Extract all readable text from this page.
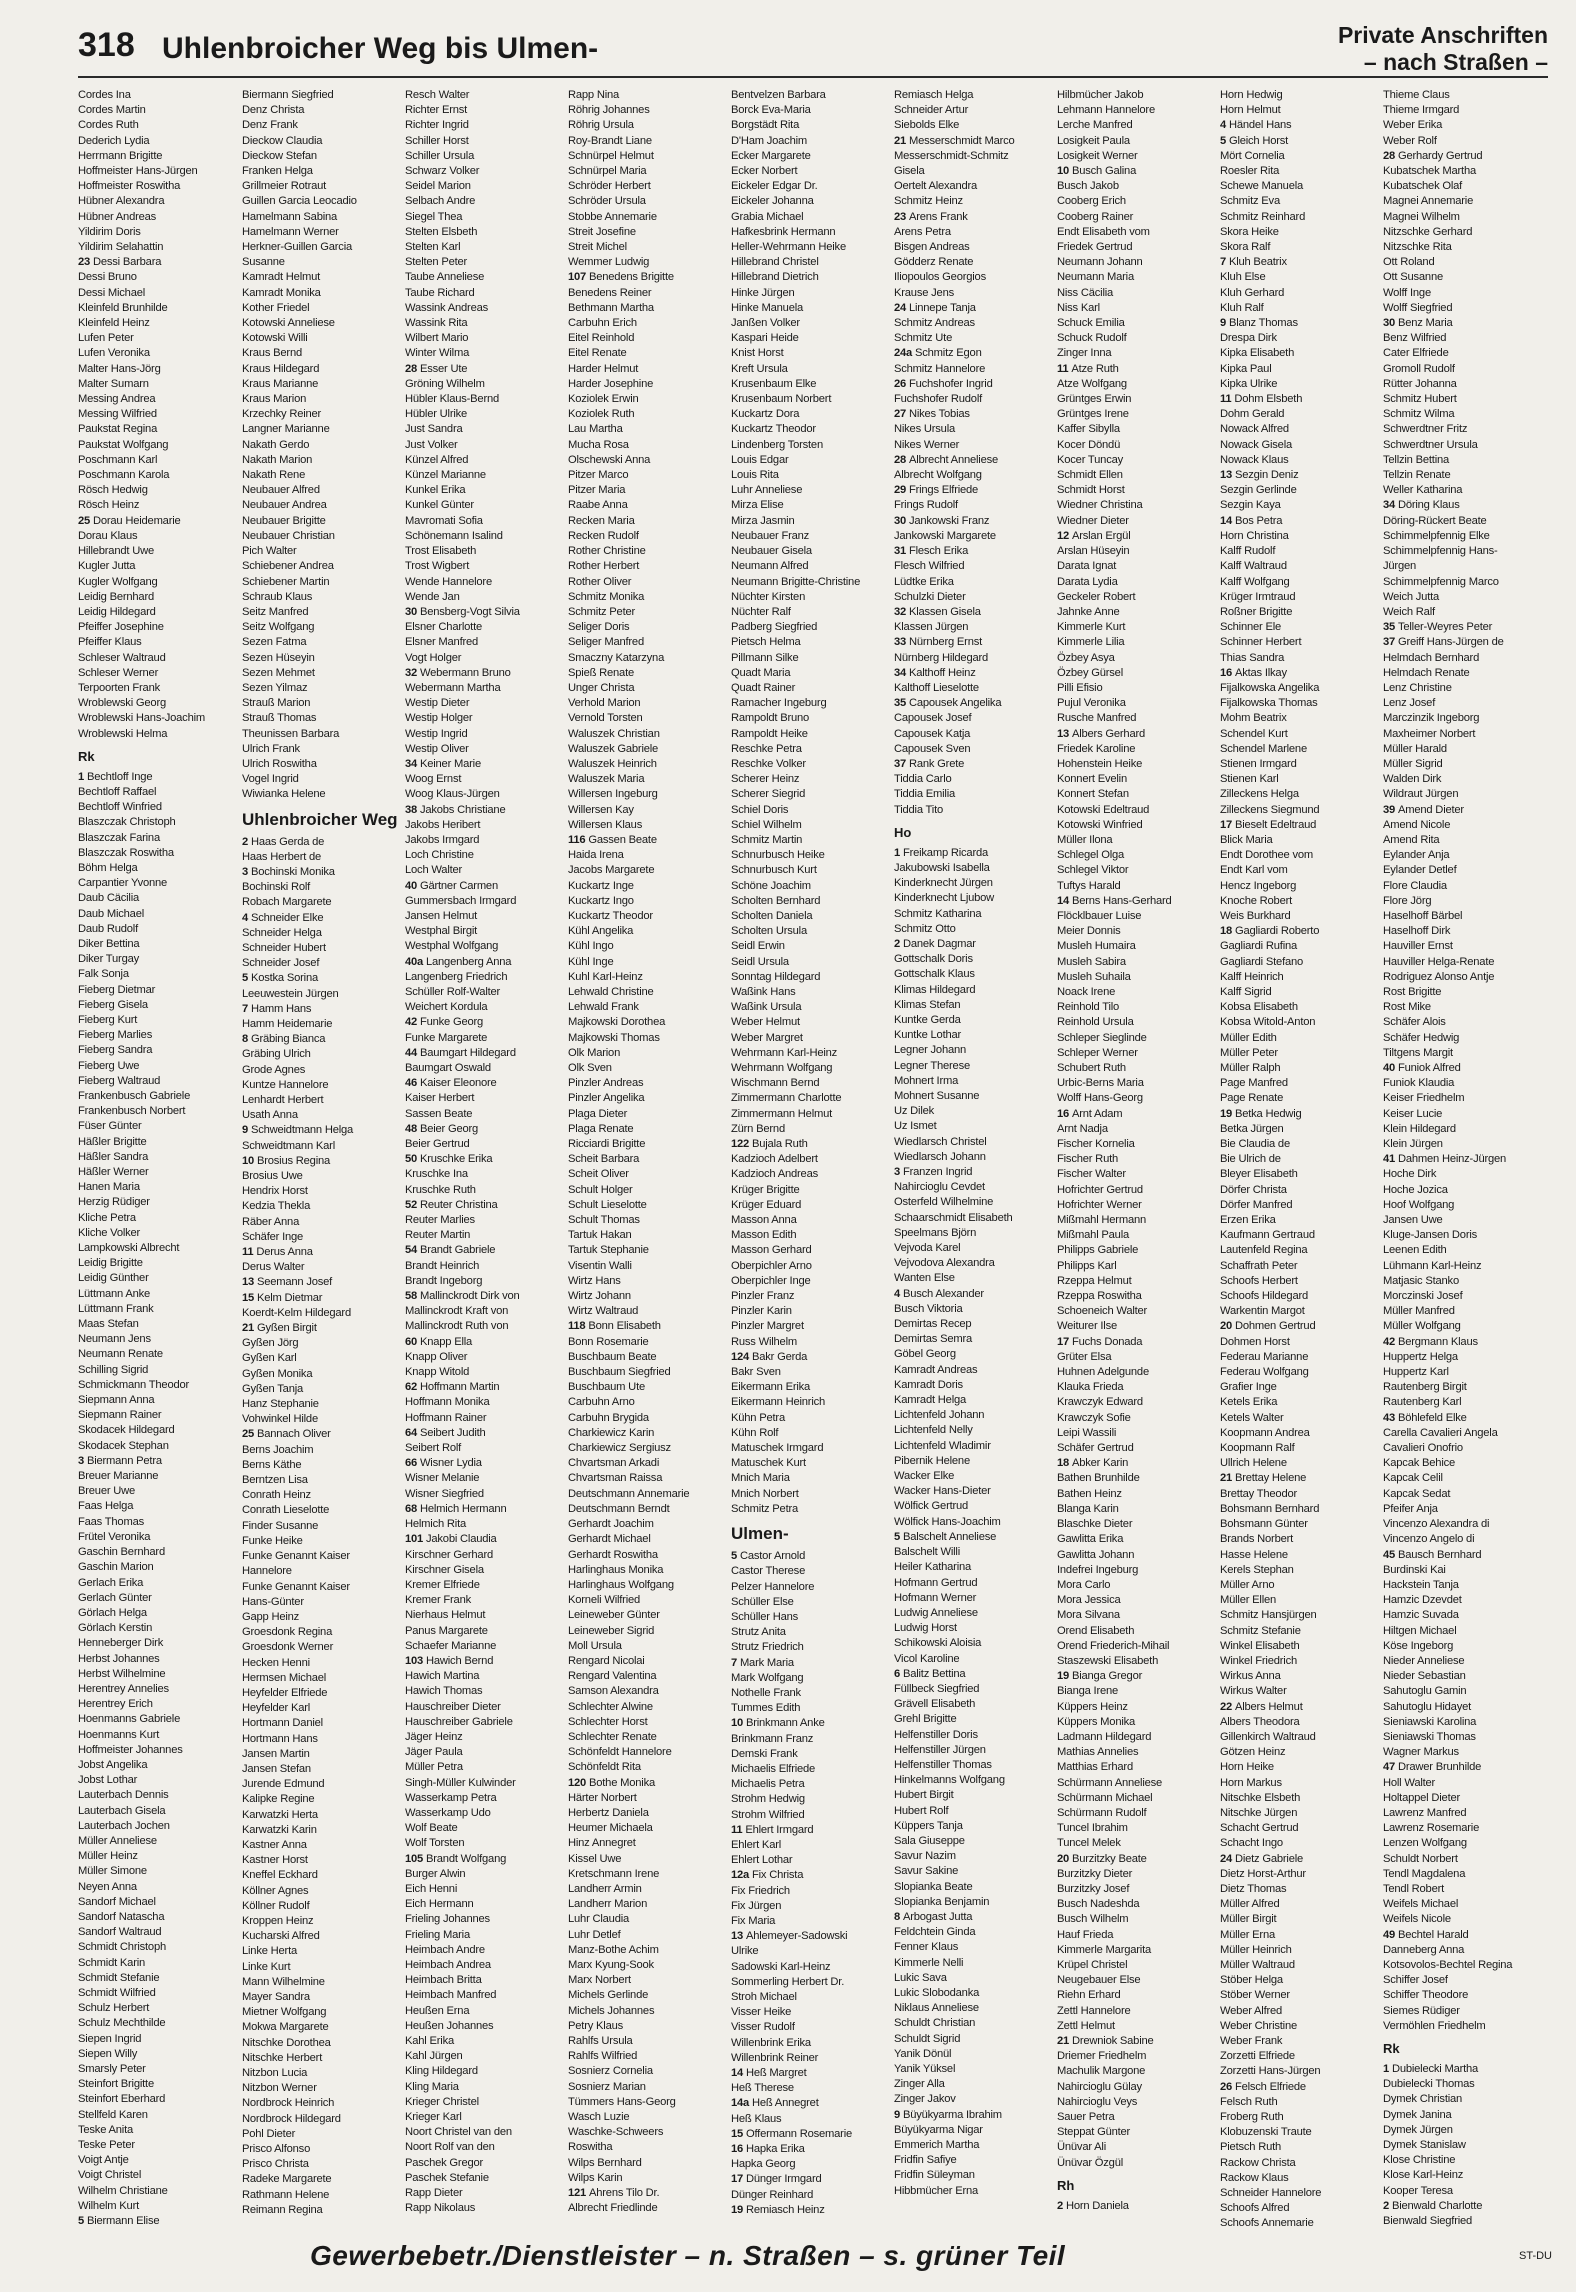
318 Uhlenbroicher Weg bis Ulmen-	Private Anschriften
– nach Straßen –
Cordes Ina
Cordes Martin
Cordes Ruth
Dederich Lydia
Herrmann Brigitte
Hoffmeister Hans-Jürgen
Hoffmeister Roswitha
Hübner Alexandra
Hübner Andreas
Yildirim Doris
Yildirim Selahattin
23 Dessi Barbara
Dessi Bruno
Dessi Michael
Kleinfeld Brunhilde
Kleinfeld Heinz
Lufen Peter
Lufen Veronika
Malter Hans-Jörg
Malter Sumarn
Messing Andrea
Messing Wilfried
Paukstat Regina
Paukstat Wolfgang
Poschmann Karl
Poschmann Karola
Rösch Hedwig
Rösch Heinz
25 Dorau Heidemarie
Dorau Klaus
Hillebrandt Uwe
Kugler Jutta
Kugler Wolfgang
Leidig Bernhard
Leidig Hildegard
Pfeiffer Josephine
Pfeiffer Klaus
Schleser Waltraud
Schleser Werner
Terpoorten Frank
Wroblewski Georg
Wroblewski Hans-Joachim
Wroblewski Helma
Rk
1 Bechtloff Inge
Bechtloff Raffael
Bechtloff Winfried
Blaszczak Christoph
Blaszczak Farina
Blaszczak Roswitha
Böhm Helga
Carpantier Yvonne
Daub Cäcilia
Daub Michael
Daub Rudolf
Diker Bettina
Diker Turgay
Falk Sonja
Fieberg Dietmar
Fieberg Gisela
Fieberg Kurt
Fieberg Marlies
Fieberg Sandra
Fieberg Uwe
Fieberg Waltraud
Frankenbusch Gabriele
Frankenbusch Norbert
Füser Günter
Häßler Brigitte
Häßler Sandra
Häßler Werner
Hanen Maria
Herzig Rüdiger
Kliche Petra
Kliche Volker
Lampkowski Albrecht
Leidig Brigitte
Leidig Günther
Lüttmann Anke
Lüttmann Frank
Maas Stefan
Neumann Jens
Neumann Renate
Schilling Sigrid
Schmickmann Theodor
Siepmann Anna
Siepmann Rainer
Skodacek Hildegard
Skodacek Stephan
3 Biermann Petra
Breuer Marianne
Breuer Uwe
Faas Helga
Faas Thomas
Frütel Veronika
Gaschin Bernhard
Gaschin Marion
Gerlach Erika
Gerlach Günter
Görlach Helga
Görlach Kerstin
Henneberger Dirk
Herbst Johannes
Herbst Wilhelmine
Herentrey Annelies
Herentrey Erich
Hoenmanns Gabriele
Hoenmanns Kurt
Hoffmeister Johannes
Jobst Angelika
Jobst Lothar
Lauterbach Dennis
Lauterbach Gisela
Lauterbach Jochen
Müller Anneliese
Müller Heinz
Müller Simone
Neyen Anna
Sandorf Michael
Sandorf Natascha
Sandorf Waltraud
Schmidt Christoph
Schmidt Karin
Schmidt Stefanie
Schmidt Wilfried
Schulz Herbert
Schulz Mechthilde
Siepen Ingrid
Siepen Willy
Smarsly Peter
Steinfort Brigitte
Steinfort Eberhard
Stellfeld Karen
Teske Anita
Teske Peter
Voigt Antje
Voigt Christel
Wilhelm Christiane
Wilhelm Kurt
5 Biermann Elise
Biermann Siegfried
Denz Christa
Denz Frank
Dieckow Claudia
Dieckow Stefan
Franken Helga
Grillmeier Rotraut
Guillen Garcia Leocadio
Hamelmann Sabina
Hamelmann Werner
Herkner-Guillen Garcia
Susanne
Kamradt Helmut
Kamradt Monika
Kother Friedel
Kotowski Anneliese
Kotowski Willi
Kraus Bernd
Kraus Hildegard
Kraus Marianne
Kraus Marion
Krzechky Reiner
Langner Marianne
Nakath Gerdo
Nakath Marion
Nakath Rene
Neubauer Alfred
Neubauer Andrea
Neubauer Brigitte
Neubauer Christian
Pich Walter
Schiebener Andrea
Schiebener Martin
Schraub Klaus
Seitz Manfred
Seitz Wolfgang
Sezen Fatma
Sezen Hüseyin
Sezen Mehmet
Sezen Yilmaz
Strauß Marion
Strauß Thomas
Theunissen Barbara
Ulrich Frank
Ulrich Roswitha
Vogel Ingrid
Wiwianka Helene
Uhlenbroicher Weg
2 Haas Gerda de
Haas Herbert de
3 Bochinski Monika
Bochinski Rolf
Robach Margarete
4 Schneider Elke
Schneider Helga
Schneider Hubert
Schneider Josef
5 Kostka Sorina
Leeuwestein Jürgen
7 Hamm Hans
Hamm Heidemarie
8 Gräbing Bianca
Gräbing Ulrich
Grode Agnes
Kuntze Hannelore
Lenhardt Herbert
Usath Anna
9 Schweidtmann Helga
Schweidtmann Karl
10 Brosius Regina
Brosius Uwe
Hendrix Horst
Kedzia Thekla
Räber Anna
Schäfer Inge
11 Derus Anna
Derus Walter
13 Seemann Josef
15 Kelm Dietmar
Koerdt-Kelm Hildegard
21 Gyßen Birgit
Gyßen Jörg
Gyßen Karl
Gyßen Monika
Gyßen Tanja
Hanz Stephanie
Vohwinkel Hilde
25 Bannach Oliver
Berns Joachim
Berns Käthe
Berntzen Lisa
Conrath Heinz
Conrath Lieselotte
Finder Susanne
Funke Heike
Funke Genannt Kaiser
Hannelore
Funke Genannt Kaiser
Hans-Günter
Gapp Heinz
Groesdonk Regina
Groesdonk Werner
Hecken Henni
Hermsen Michael
Heyfelder Elfriede
Heyfelder Karl
Hortmann Daniel
Hortmann Hans
Jansen Martin
Jansen Stefan
Jurende Edmund
Kalipke Regine
Karwatzki Herta
Karwatzki Karin
Kastner Anna
Kastner Horst
Kneffel Eckhard
Köllner Agnes
Köllner Rudolf
Kroppen Heinz
Kucharski Alfred
Linke Herta
Linke Kurt
Mann Wilhelmine
Mayer Sandra
Mietner Wolfgang
Mokwa Margarete
Nitschke Dorothea
Nitschke Herbert
Nitzbon Lucia
Nitzbon Werner
Nordbrock Heinrich
Nordbrock Hildegard
Pohl Dieter
Prisco Alfonso
Prisco Christa
Radeke Margarete
Rathmann Helene
Reimann Regina
Resch Walter
Richter Ernst
Richter Ingrid
Schiller Horst
Schiller Ursula
Schwarz Volker
Seidel Marion
Selbach Andre
Siegel Thea
Stelten Elsbeth
Stelten Karl
Stelten Peter
Taube Anneliese
Taube Richard
Wassink Andreas
Wassink Rita
Wilbert Mario
Winter Wilma
28 Esser Ute
Gröning Wilhelm
Hübler Klaus-Bernd
Hübler Ulrike
Just Sandra
Just Volker
Künzel Alfred
Künzel Marianne
Kunkel Erika
Kunkel Günter
Mavromati Sofia
Schönemann Isalind
Trost Elisabeth
Trost Wigbert
Wende Hannelore
Wende Jan
30 Bensberg-Vogt Silvia
Elsner Charlotte
Elsner Manfred
Vogt Holger
32 Webermann Bruno
Webermann Martha
Westip Dieter
Westip Holger
Westip Ingrid
Westip Oliver
34 Keiner Marie
Woog Ernst
Woog Klaus-Jürgen
38 Jakobs Christiane
Jakobs Heribert
Jakobs Irmgard
Loch Christine
Loch Walter
40 Gärtner Carmen
Gummersbach Irmgard
Jansen Helmut
Westphal Birgit
Westphal Wolfgang
40a Langenberg Anna
Langenberg Friedrich
Schüller Rolf-Walter
Weichert Kordula
42 Funke Georg
Funke Margarete
44 Baumgart Hildegard
Baumgart Oswald
46 Kaiser Eleonore
Kaiser Herbert
Sassen Beate
48 Beier Georg
Beier Gertrud
50 Kruschke Erika
Kruschke Ina
Kruschke Ruth
52 Reuter Christina
Reuter Marlies
Reuter Martin
54 Brandt Gabriele
Brandt Heinrich
Brandt Ingeborg
58 Mallinckrodt Dirk von
Mallinckrodt Kraft von
Mallinckrodt Ruth von
60 Knapp Ella
Knapp Oliver
Knapp Witold
62 Hoffmann Martin
Hoffmann Monika
Hoffmann Rainer
64 Seibert Judith
Seibert Rolf
66 Wisner Lydia
Wisner Melanie
Wisner Siegfried
68 Helmich Hermann
Helmich Rita
101 Jakobi Claudia
Kirschner Gerhard
Kirschner Gisela
Kremer Elfriede
Kremer Frank
Nierhaus Helmut
Panus Margarete
Schaefer Marianne
103 Hawich Bernd
Hawich Martina
Hawich Thomas
Hauschreiber Dieter
Hauschreiber Gabriele
Jäger Heinz
Jäger Paula
Müller Petra
Singh-Müller Kulwinder
Wasserkamp Petra
Wasserkamp Udo
Wolf Beate
Wolf Torsten
105 Brandt Wolfgang
Burger Alwin
Eich Henni
Eich Hermann
Frieling Johannes
Frieling Maria
Heimbach Andre
Heimbach Andrea
Heimbach Britta
Heimbach Manfred
Heußen Erna
Heußen Johannes
Kahl Erika
Kahl Jürgen
Kling Hildegard
Kling Maria
Krieger Christel
Krieger Karl
Noort Christel van den
Noort Rolf van den
Paschek Gregor
Paschek Stefanie
Rapp Dieter
Rapp Nikolaus
Rapp Nina
Röhrig Johannes
Röhrig Ursula
Roy-Brandt Liane
Schnürpel Helmut
Schnürpel Maria
Schröder Herbert
Schröder Ursula
Stobbe Annemarie
Streit Josefine
Streit Michel
Wemmer Ludwig
107 Benedens Brigitte
Benedens Reiner
Bethmann Martha
Carbuhn Erich
Eitel Reinhold
Eitel Renate
Harder Helmut
Harder Josephine
Koziolek Erwin
Koziolek Ruth
Lau Martha
Mucha Rosa
Olschewski Anna
Pitzer Marco
Pitzer Maria
Raabe Anna
Recken Maria
Recken Rudolf
Rother Christine
Rother Herbert
Rother Oliver
Schmitz Monika
Schmitz Peter
Seliger Doris
Seliger Manfred
Smaczny Katarzyna
Spieß Renate
Unger Christa
Verhold Marion
Vernold Torsten
Waluszek Christian
Waluszek Gabriele
Waluszek Heinrich
Waluszek Maria
Willersen Ingeburg
Willersen Kay
Willersen Klaus
116 Gassen Beate
Haida Irena
Jacobs Margarete
Kuckartz Inge
Kuckartz Ingo
Kuckartz Theodor
Kühl Angelika
Kühl Ingo
Kühl Inge
Kuhl Karl-Heinz
Lehwald Christine
Lehwald Frank
Majkowski Dorothea
Majkowski Thomas
Olk Marion
Olk Sven
Pinzler Andreas
Pinzler Angelika
Plaga Dieter
Plaga Renate
Ricciardi Brigitte
Scheit Barbara
Scheit Oliver
Schult Holger
Schult Lieselotte
Schult Thomas
Tartuk Hakan
Tartuk Stephanie
Visentin Walli
Wirtz Hans
Wirtz Johann
Wirtz Waltraud
118 Bonn Elisabeth
Bonn Rosemarie
Buschbaum Beate
Buschbaum Siegfried
Buschbaum Ute
Carbuhn Arno
Carbuhn Brygida
Charkiewicz Karin
Charkiewicz Sergiusz
Chvartsman Arkadi
Chvartsman Raissa
Deutschmann Annemarie
Deutschmann Berndt
Gerhardt Joachim
Gerhardt Michael
Gerhardt Roswitha
Harlinghaus Monika
Harlinghaus Wolfgang
Korneli Wilfried
Leineweber Günter
Leineweber Sigrid
Moll Ursula
Rengard Nicolai
Rengard Valentina
Samson Alexandra
Schlechter Alwine
Schlechter Horst
Schlechter Renate
Schönfeldt Hannelore
Schönfeldt Rita
120 Bothe Monika
Härter Norbert
Herbertz Daniela
Heumer Michaela
Hinz Annegret
Kissel Uwe
Kretschmann Irene
Landherr Armin
Landherr Marion
Luhr Claudia
Luhr Detlef
Manz-Bothe Achim
Marx Kyung-Sook
Marx Norbert
Michels Gerlinde
Michels Johannes
Petry Klaus
Rahlfs Ursula
Rahlfs Wilfried
Sosnierz Cornelia
Sosnierz Marian
Tümmers Hans-Georg
Wasch Luzie
Waschke-Schweers
Roswitha
Wilps Bernhard
Wilps Karin
121 Ahrens Tilo Dr.
Albrecht Friedlinde
Bentvelzen Barbara
Borck Eva-Maria
Borgstädt Rita
D'Ham Joachim
Ecker Margarete
Ecker Norbert
Eickeler Edgar Dr.
Eickeler Johanna
Grabia Michael
Hafkesbrink Hermann
Heller-Wehrmann Heike
Hillebrand Christel
Hillebrand Dietrich
Hinke Jürgen
Hinke Manuela
Janßen Volker
Kaspari Heide
Knist Horst
Kreft Ursula
Krusenbaum Elke
Krusenbaum Norbert
Kuckartz Dora
Kuckartz Theodor
Lindenberg Torsten
Louis Edgar
Louis Rita
Luhr Anneliese
Mirza Elise
Mirza Jasmin
Neubauer Franz
Neubauer Gisela
Neumann Alfred
Neumann Brigitte-Christine
Nüchter Kirsten
Nüchter Ralf
Padberg Siegfried
Pietsch Helma
Pillmann Silke
Quadt Maria
Quadt Rainer
Ramacher Ingeburg
Rampoldt Bruno
Rampoldt Heike
Reschke Petra
Reschke Volker
Scherer Heinz
Scherer Siegrid
Schiel Doris
Schiel Wilhelm
Schmitz Martin
Schnurbusch Heike
Schnurbusch Kurt
Schöne Joachim
Scholten Bernhard
Scholten Daniela
Scholten Ursula
Seidl Erwin
Seidl Ursula
Sonntag Hildegard
Waßink Hans
Waßink Ursula
Weber Helmut
Weber Margret
Wehrmann Karl-Heinz
Wehrmann Wolfgang
Wischmann Bernd
Zimmermann Charlotte
Zimmermann Helmut
Zürn Bernd
122 Bujala Ruth
Kadzioch Adelbert
Kadzioch Andreas
Krüger Brigitte
Krüger Eduard
Masson Anna
Masson Edith
Masson Gerhard
Oberpichler Arno
Oberpichler Inge
Pinzler Franz
Pinzler Karin
Pinzler Margret
Russ Wilhelm
124 Bakr Gerda
Bakr Sven
Eikermann Erika
Eikermann Heinrich
Kühn Petra
Kühn Rolf
Matuschek Irmgard
Matuschek Kurt
Mnich Maria
Mnich Norbert
Schmitz Petra
Ulmen-
5 Castor Arnold
Castor Therese
Pelzer Hannelore
Schüller Else
Schüller Hans
Strutz Anita
Strutz Friedrich
7 Mark Maria
Mark Wolfgang
Nothelle Frank
Tummes Edith
10 Brinkmann Anke
Brinkmann Franz
Demski Frank
Michaelis Elfriede
Michaelis Petra
Strohm Hedwig
Strohm Wilfried
11 Ehlert Irmgard
Ehlert Karl
Ehlert Lothar
12a Fix Christa
Fix Friedrich
Fix Jürgen
Fix Maria
13 Ahlemeyer-Sadowski
Ulrike
Sadowski Karl-Heinz
Sommerling Herbert Dr.
Stroh Michael
Visser Heike
Visser Rudolf
Willenbrink Erika
Willenbrink Reiner
14 Heß Margret
Heß Therese
14a Heß Annegret
Heß Klaus
15 Offermann Rosemarie
16 Hapka Erika
Hapka Georg
17 Dünger Irmgard
Dünger Reinhard
19 Remiasch Heinz
Remiasch Helga
Schneider Artur
Siebolds Elke
21 Messerschmidt Marco
Messerschmidt-Schmitz
Gisela
Oertelt Alexandra
Schmitz Heinz
23 Arens Frank
Arens Petra
Bisgen Andreas
Gödderz Renate
Iliopoulos Georgios
Krause Jens
24 Linnepe Tanja
Schmitz Andreas
Schmitz Ute
24a Schmitz Egon
Schmitz Hannelore
26 Fuchshofer Ingrid
Fuchshofer Rudolf
27 Nikes Tobias
Nikes Ursula
Nikes Werner
28 Albrecht Anneliese
Albrecht Wolfgang
29 Frings Elfriede
Frings Rudolf
30 Jankowski Franz
Jankowski Margarete
31 Flesch Erika
Flesch Wilfried
Lüdtke Erika
Schulzki Dieter
32 Klassen Gisela
Klassen Jürgen
33 Nürnberg Ernst
Nürnberg Hildegard
34 Kalthoff Heinz
Kalthoff Lieselotte
35 Capousek Angelika
Capousek Josef
Capousek Katja
Capousek Sven
37 Rank Grete
Tiddia Carlo
Tiddia Emilia
Tiddia Tito
Ho
1 Freikamp Ricarda
Jakubowski Isabella
Kinderknecht Jürgen
Kinderknecht Ljubow
Schmitz Katharina
Schmitz Otto
2 Danek Dagmar
Gottschalk Doris
Gottschalk Klaus
Klimas Hildegard
Klimas Stefan
Kuntke Gerda
Kuntke Lothar
Legner Johann
Legner Therese
Mohnert Irma
Mohnert Susanne
Uz Dilek
Uz Ismet
Wiedlarsch Christel
Wiedlarsch Johann
3 Franzen Ingrid
Nahircioglu Cevdet
Osterfeld Wilhelmine
Schaarschmidt Elisabeth
Speelmans Björn
Vejvoda Karel
Vejvodova Alexandra
Wanten Else
4 Busch Alexander
Busch Viktoria
Demirtas Recep
Demirtas Semra
Göbel Georg
Kamradt Andreas
Kamradt Doris
Kamradt Helga
Lichtenfeld Johann
Lichtenfeld Nelly
Lichtenfeld Wladimir
Pibernik Helene
Wacker Elke
Wacker Hans-Dieter
Wölfick Gertrud
Wölfick Hans-Joachim
5 Balschelt Anneliese
Balschelt Willi
Heiler Katharina
Hofmann Gertrud
Hofmann Werner
Ludwig Anneliese
Ludwig Horst
Schikowski Aloisia
Vicol Karoline
6 Balitz Bettina
Füllbeck Siegfried
Grävell Elisabeth
Grehl Brigitte
Helfenstiller Doris
Helfenstiller Jürgen
Helfenstiller Thomas
Hinkelmanns Wolfgang
Hubert Birgit
Hubert Rolf
Küppers Tanja
Sala Giuseppe
Savur Nazim
Savur Sakine
Slopianka Beate
Slopianka Benjamin
8 Arbogast Jutta
Feldchtein Ginda
Fenner Klaus
Kimmerle Nelli
Lukic Sava
Lukic Slobodanka
Niklaus Anneliese
Schuldt Christian
Schuldt Sigrid
Yanik Dönül
Yanik Yüksel
Zinger Alla
Zinger Jakov
9 Büyükyarma Ibrahim
Büyükyarma Nigar
Emmerich Martha
Fridfin Safiye
Fridfin Süleyman
Hibbmücher Erna
Hilbmücher Jakob
Lehmann Hannelore
Lerche Manfred
Losigkeit Paula
Losigkeit Werner
10 Busch Galina
Busch Jakob
Cooberg Erich
Cooberg Rainer
Endt Elisabeth vom
Friedek Gertrud
Neumann Johann
Neumann Maria
Niss Cäcilia
Niss Karl
Schuck Emilia
Schuck Rudolf
Zinger Inna
11 Atze Ruth
Atze Wolfgang
Grüntges Erwin
Grüntges Irene
Kaffer Sibylla
Kocer Döndü
Kocer Tuncay
Schmidt Ellen
Schmidt Horst
Wiedner Christina
Wiedner Dieter
12 Arslan Ergül
Arslan Hüseyin
Darata Ignat
Darata Lydia
Geckeler Robert
Jahnke Anne
Kimmerle Kurt
Kimmerle Lilia
Özbey Asya
Özbey Gürsel
Pilli Efisio
Pujul Veronika
Rusche Manfred
13 Albers Gerhard
Friedek Karoline
Hohenstein Heike
Konnert Evelin
Konnert Stefan
Kotowski Edeltraud
Kotowski Winfried
Müller Ilona
Schlegel Olga
Schlegel Viktor
Tuftys Harald
14 Berns Hans-Gerhard
Flöcklbauer Luise
Meier Donnis
Musleh Humaira
Musleh Sabira
Musleh Suhaila
Noack Irene
Reinhold Tilo
Reinhold Ursula
Schleper Sieglinde
Schleper Werner
Schubert Ruth
Urbic-Berns Maria
Wolff Hans-Georg
16 Arnt Adam
Arnt Nadja
Fischer Kornelia
Fischer Ruth
Fischer Walter
Hofrichter Gertrud
Hofrichter Werner
Mißmahl Hermann
Mißmahl Paula
Philipps Gabriele
Philipps Karl
Rzeppa Helmut
Rzeppa Roswitha
Schoeneich Walter
Weiturer Ilse
17 Fuchs Donada
Grüter Elsa
Huhnen Adelgunde
Klauka Frieda
Krawczyk Edward
Krawczyk Sofie
Leipi Wassili
Schäfer Gertrud
18 Abker Karin
Bathen Brunhilde
Bathen Heinz
Blanga Karin
Blaschke Dieter
Gawlitta Erika
Gawlitta Johann
Indefrei Ingeburg
Mora Carlo
Mora Jessica
Mora Silvana
Orend Elisabeth
Orend Friederich-Mihail
Staszewski Elisabeth
19 Bianga Gregor
Bianga Irene
Küppers Heinz
Küppers Monika
Ladmann Hildegard
Mathias Annelies
Matthias Erhard
Schürmann Anneliese
Schürmann Michael
Schürmann Rudolf
Tuncel Ibrahim
Tuncel Melek
20 Burzitzky Beate
Burzitzky Dieter
Burzitzky Josef
Busch Nadeshda
Busch Wilhelm
Hauf Frieda
Kimmerle Margarita
Krüpel Christel
Neugebauer Else
Riehn Erhard
Zettl Hannelore
Zettl Helmut
21 Drewniok Sabine
Driemer Friedhelm
Machulik Margone
Nahircioglu Gülay
Nahircioglu Veys
Sauer Petra
Steppat Günter
Ünüvar Ali
Ünüvar Özgül
Rh
2 Horn Daniela
Horn Hedwig
Horn Helmut
4 Händel Hans
5 Gleich Horst
Mört Cornelia
Roesler Rita
Schewe Manuela
Schmitz Eva
Schmitz Reinhard
Skora Heike
Skora Ralf
7 Kluh Beatrix
Kluh Else
Kluh Gerhard
Kluh Ralf
9 Blanz Thomas
Drespa Dirk
Kipka Elisabeth
Kipka Paul
Kipka Ulrike
11 Dohm Elsbeth
Dohm Gerald
Nowack Alfred
Nowack Gisela
Nowack Klaus
13 Sezgin Deniz
Sezgin Gerlinde
Sezgin Kaya
14 Bos Petra
Horn Christina
Kalff Rudolf
Kalff Waltraud
Kalff Wolfgang
Krüger Irmtraud
Roßner Brigitte
Schinner Ele
Schinner Herbert
Thias Sandra
16 Aktas Ilkay
Fijalkowska Angelika
Fijalkowska Thomas
Mohm Beatrix
Schendel Kurt
Schendel Marlene
Stienen Irmgard
Stienen Karl
Zilleckens Helga
Zilleckens Siegmund
17 Bieselt Edeltraud
Blick Maria
Endt Dorothee vom
Endt Karl vom
Hencz Ingeborg
Knoche Robert
Weis Burkhard
18 Gagliardi Roberto
Gagliardi Rufina
Gagliardi Stefano
Kalff Heinrich
Kalff Sigrid
Kobsa Elisabeth
Kobsa Witold-Anton
Müller Edith
Müller Peter
Müller Ralph
Page Manfred
Page Renate
19 Betka Hedwig
Betka Jürgen
Bie Claudia de
Bie Ulrich de
Bleyer Elisabeth
Dörfer Christa
Dörfer Manfred
Erzen Erika
Kaufmann Gertraud
Lautenfeld Regina
Schaffrath Peter
Schoofs Herbert
Schoofs Hildegard
Warkentin Margot
20 Dohmen Gertrud
Dohmen Horst
Federau Marianne
Federau Wolfgang
Grafier Inge
Ketels Erika
Ketels Walter
Koopmann Andrea
Koopmann Ralf
Ullrich Helene
21 Brettay Helene
Brettay Theodor
Bohsmann Bernhard
Bohsmann Günter
Brands Norbert
Hasse Helene
Kerels Stephan
Müller Arno
Müller Ellen
Schmitz Hansjürgen
Schmitz Stefanie
Winkel Elisabeth
Winkel Friedrich
Wirkus Anna
Wirkus Walter
22 Albers Helmut
Albers Theodora
Gillenkirch Waltraud
Götzen Heinz
Horn Heike
Horn Markus
Nitschke Elsbeth
Nitschke Jürgen
Schacht Gertrud
Schacht Ingo
24 Dietz Gabriele
Dietz Horst-Arthur
Dietz Thomas
Müller Alfred
Müller Birgit
Müller Erna
Müller Heinrich
Müller Waltraud
Stöber Helga
Stöber Werner
Weber Alfred
Weber Christine
Weber Frank
Zorzetti Elfriede
Zorzetti Hans-Jürgen
26 Felsch Elfriede
Felsch Ruth
Froberg Ruth
Klobuzenski Traute
Pietsch Ruth
Rackow Christa
Rackow Klaus
Schneider Hannelore
Schoofs Alfred
Schoofs Annemarie
Thieme Claus
Thieme Irmgard
Weber Erika
Weber Rolf
28 Gerhardy Gertrud
Kubatschek Martha
Kubatschek Olaf
Magnei Annemarie
Magnei Wilhelm
Nitzschke Gerhard
Nitzschke Rita
Ott Roland
Ott Susanne
Wolff Inge
Wolff Siegfried
30 Benz Maria
Benz Wilfried
Cater Elfriede
Gromoll Rudolf
Rütter Johanna
Schmitz Hubert
Schmitz Wilma
Schwerdtner Fritz
Schwerdtner Ursula
Tellzin Bettina
Tellzin Renate
Weller Katharina
34 Döring Klaus
Döring-Rückert Beate
Schimmelpfennig Elke
Schimmelpfennig Hans-
Jürgen
Schimmelpfennig Marco
Weich Jutta
Weich Ralf
35 Teller-Weyres Peter
37 Greiff Hans-Jürgen de
Helmdach Bernhard
Helmdach Renate
Lenz Christine
Lenz Josef
Marczinzik Ingeborg
Maxheimer Norbert
Müller Harald
Müller Sigrid
Walden Dirk
Wildraut Jürgen
39 Amend Dieter
Amend Nicole
Amend Rita
Eylander Anja
Eylander Detlef
Flore Claudia
Flore Jörg
Haselhoff Bärbel
Haselhoff Dirk
Hauviller Ernst
Hauviller Helga-Renate
Rodriguez Alonso Antje
Rost Brigitte
Rost Mike
Schäfer Alois
Schäfer Hedwig
Tiltgens Margit
40 Funiok Alfred
Funiok Klaudia
Keiser Friedhelm
Keiser Lucie
Klein Hildegard
Klein Jürgen
41 Dahmen Heinz-Jürgen
Hoche Dirk
Hoche Jozica
Hoof Wolfgang
Jansen Uwe
Kluge-Jansen Doris
Leenen Edith
Lühmann Karl-Heinz
Matjasic Stanko
Morczinski Josef
Müller Manfred
Müller Wolfgang
42 Bergmann Klaus
Huppertz Helga
Huppertz Karl
Rautenberg Birgit
Rautenberg Karl
43 Böhlefeld Elke
Carella Cavalieri Angela
Cavalieri Onofrio
Kapcak Behice
Kapcak Celil
Kapcak Sedat
Pfeifer Anja
Vincenzo Alexandra di
Vincenzo Angelo di
45 Bausch Bernhard
Burdinski Kai
Hackstein Tanja
Hamzic Dzevdet
Hamzic Suvada
Hiltgen Michael
Köse Ingeborg
Nieder Anneliese
Nieder Sebastian
Sahutoglu Gamin
Sahutoglu Hidayet
Sieniawski Karolina
Sieniawski Thomas
Wagner Markus
47 Drawer Brunhilde
Holl Walter
Holtappel Dieter
Lawrenz Manfred
Lawrenz Rosemarie
Lenzen Wolfgang
Schuldt Norbert
Tendl Magdalena
Tendl Robert
Weifels Michael
Weifels Nicole
49 Bechtel Harald
Danneberg Anna
Kotsovolos-Bechtel Regina
Schiffer Josef
Schiffer Theodore
Siemes Rüdiger
Vermöhlen Friedhelm
Rk
1 Dubielecki Martha
Dubielecki Thomas
Dymek Christian
Dymek Janina
Dymek Jürgen
Dymek Stanislaw
Klose Christine
Klose Karl-Heinz
Kooper Teresa
2 Bienwald Charlotte
Bienwald Siegfried
Gewerbebetr./Dienstleister – n. Straßen – s. grüner Teil	ST-DU
